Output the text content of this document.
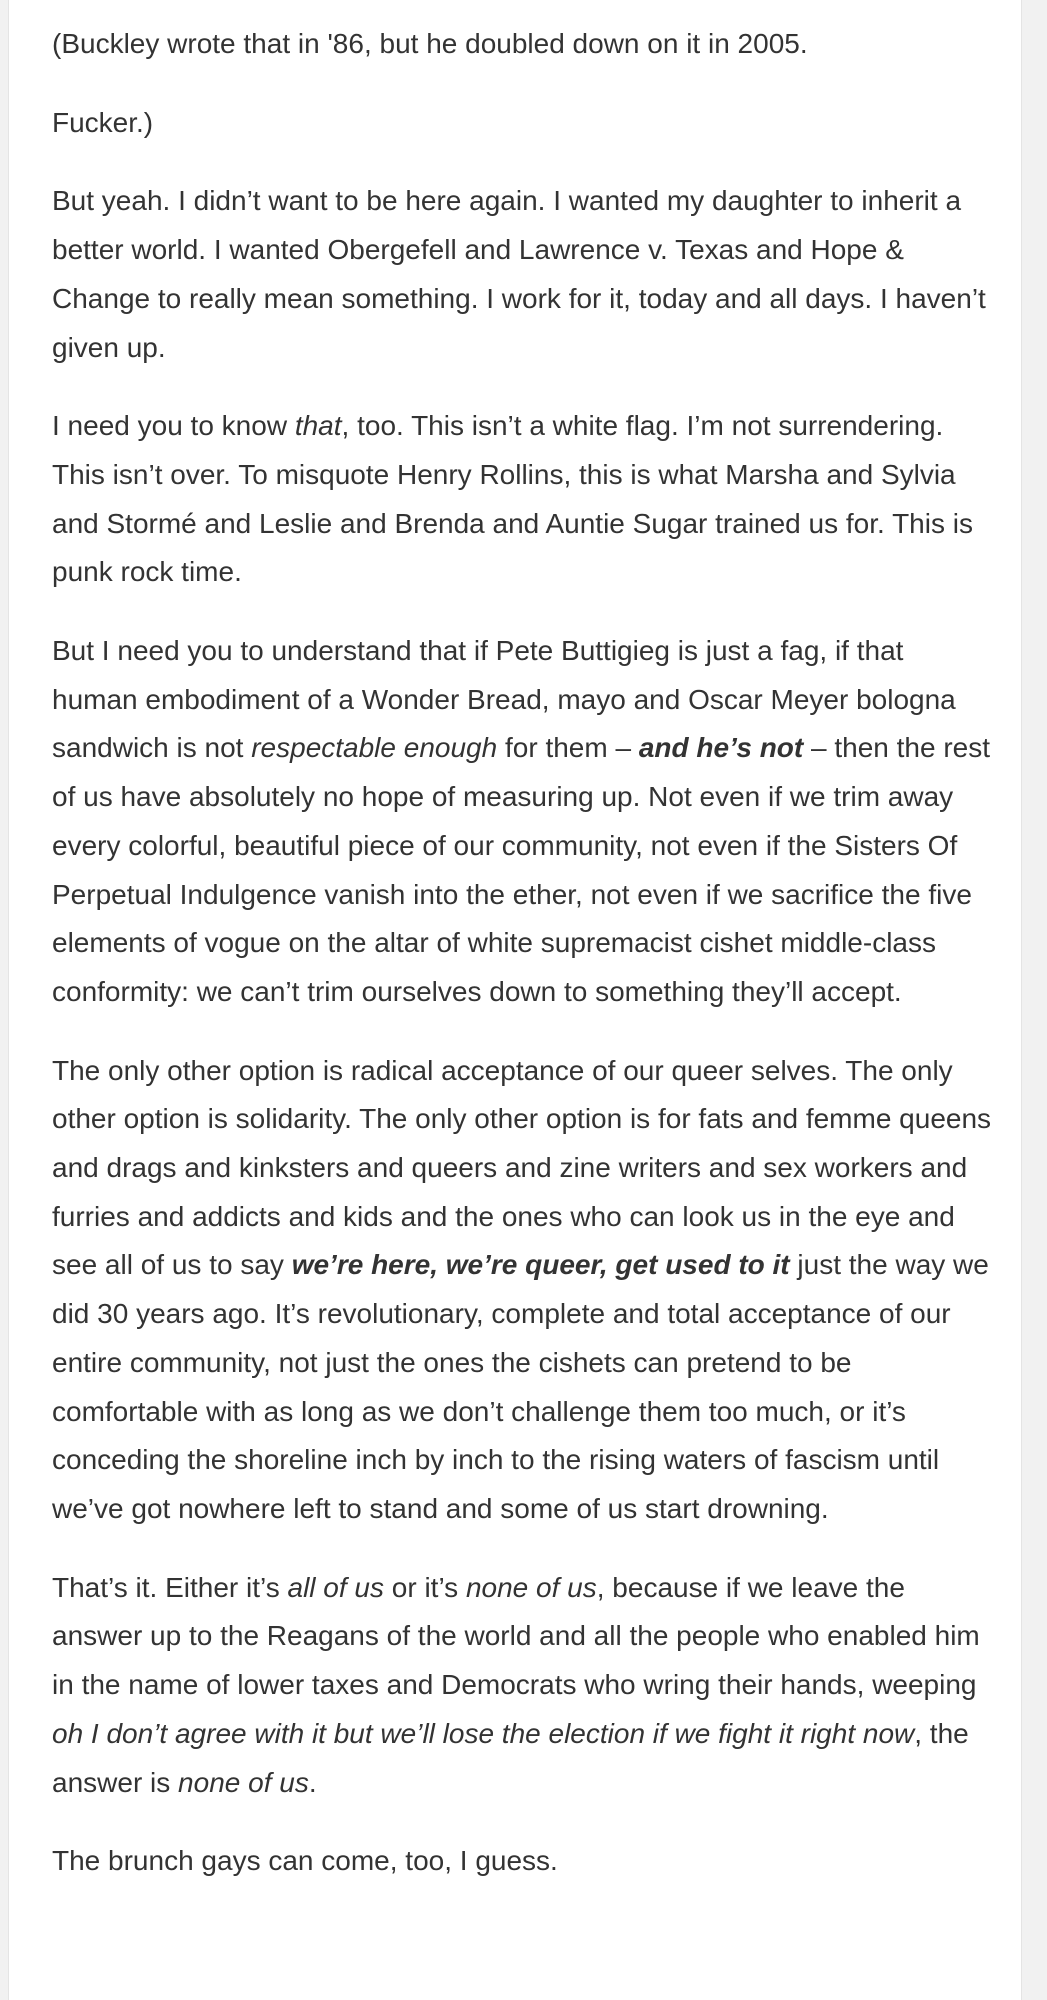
(Buckley wrote that in '86, but he doubled down on it in 2005.

Fucker.)

But yeah. I didn’t want to be here again. I wanted my daughter to inherit a better world. I wanted Obergefell and Lawrence v. Texas and Hope & Change to really mean something. I work for it, today and all days. I haven’t given up.

I need you to know that, too. This isn’t a white flag. I’m not surrendering. This isn’t over. To misquote Henry Rollins, this is what Marsha and Sylvia and Stormé and Leslie and Brenda and Auntie Sugar trained us for. This is punk rock time.

But I need you to understand that if Pete Buttigieg is just a fag, if that human embodiment of a Wonder Bread, mayo and Oscar Meyer bologna sandwich is not respectable enough for them – and he’s not – then the rest of us have absolutely no hope of measuring up. Not even if we trim away every colorful, beautiful piece of our community, not even if the Sisters Of Perpetual Indulgence vanish into the ether, not even if we sacrifice the five elements of vogue on the altar of white supremacist cishet middle-class conformity: we can’t trim ourselves down to something they’ll accept.

The only other option is radical acceptance of our queer selves. The only other option is solidarity. The only other option is for fats and femme queens and drags and kinksters and queers and zine writers and sex workers and furries and addicts and kids and the ones who can look us in the eye and see all of us to say we’re here, we’re queer, get used to it just the way we did 30 years ago. It’s revolutionary, complete and total acceptance of our entire community, not just the ones the cishets can pretend to be comfortable with as long as we don’t challenge them too much, or it’s conceding the shoreline inch by inch to the rising waters of fascism until we’ve got nowhere left to stand and some of us start drowning.

That’s it. Either it’s all of us or it’s none of us, because if we leave the answer up to the Reagans of the world and all the people who enabled him in the name of lower taxes and Democrats who wring their hands, weeping oh I don’t agree with it but we’ll lose the election if we fight it right now, the answer is none of us.

The brunch gays can come, too, I guess.
